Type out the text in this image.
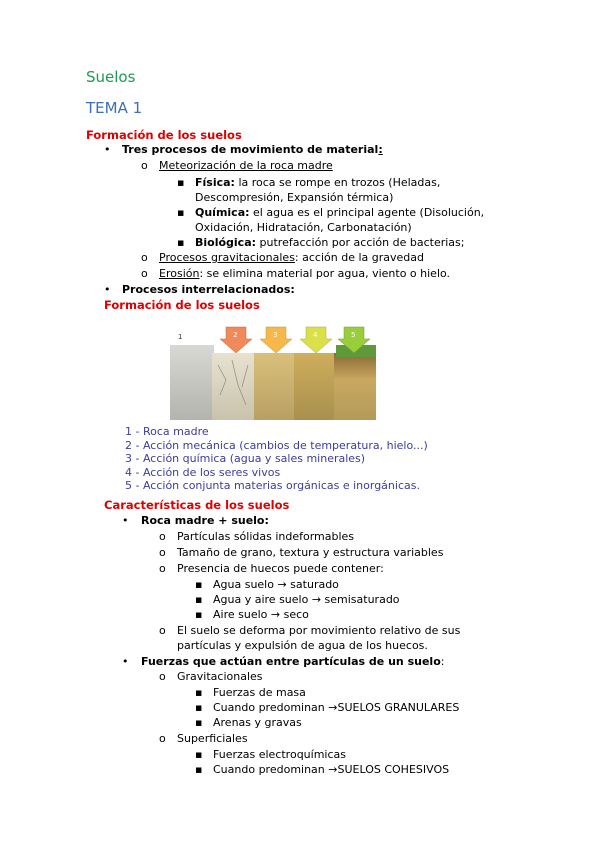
Suelos
TEMA 1
Formación de los suelos
• Tres procesos de movimiento de material:
o Meteorización de la roca madre
▪ Física: la roca se rompe en trozos (Heladas,
Descompresión, Expansión térmica)
▪ Química: el agua es el principal agente (Disolución,
Oxidación, Hidratación, Carbonatación)
▪ Biológica: putrefacción por acción de bacterias;
o Procesos gravitacionales: acción de la gravedad
o Erosión: se elimina material por agua, viento o hielo.
• Procesos interrelacionados:
Formación de los suelos
1	2	3	4	5
1 - Roca madre
2 - Acción mecánica (cambios de temperatura, hielo...)
3 - Acción química (agua y sales minerales)
4 - Acción de los seres vivos
5 - Acción conjunta materias orgánicas e inorgánicas.
Características de los suelos
• Roca madre + suelo:
o Partículas sólidas indeformables
o Tamaño de grano, textura y estructura variables
o Presencia de huecos puede contener:
▪ Agua suelo → saturado
▪ Agua y aire suelo → semisaturado
▪ Aire suelo → seco
o El suelo se deforma por movimiento relativo de sus
partículas y expulsión de agua de los huecos.
• Fuerzas que actúan entre partículas de un suelo:
o Gravitacionales
▪ Fuerzas de masa
▪ Cuando predominan →SUELOS GRANULARES
▪ Arenas y gravas
o Superficiales
▪ Fuerzas electroquímicas
▪ Cuando predominan →SUELOS COHESIVOS
